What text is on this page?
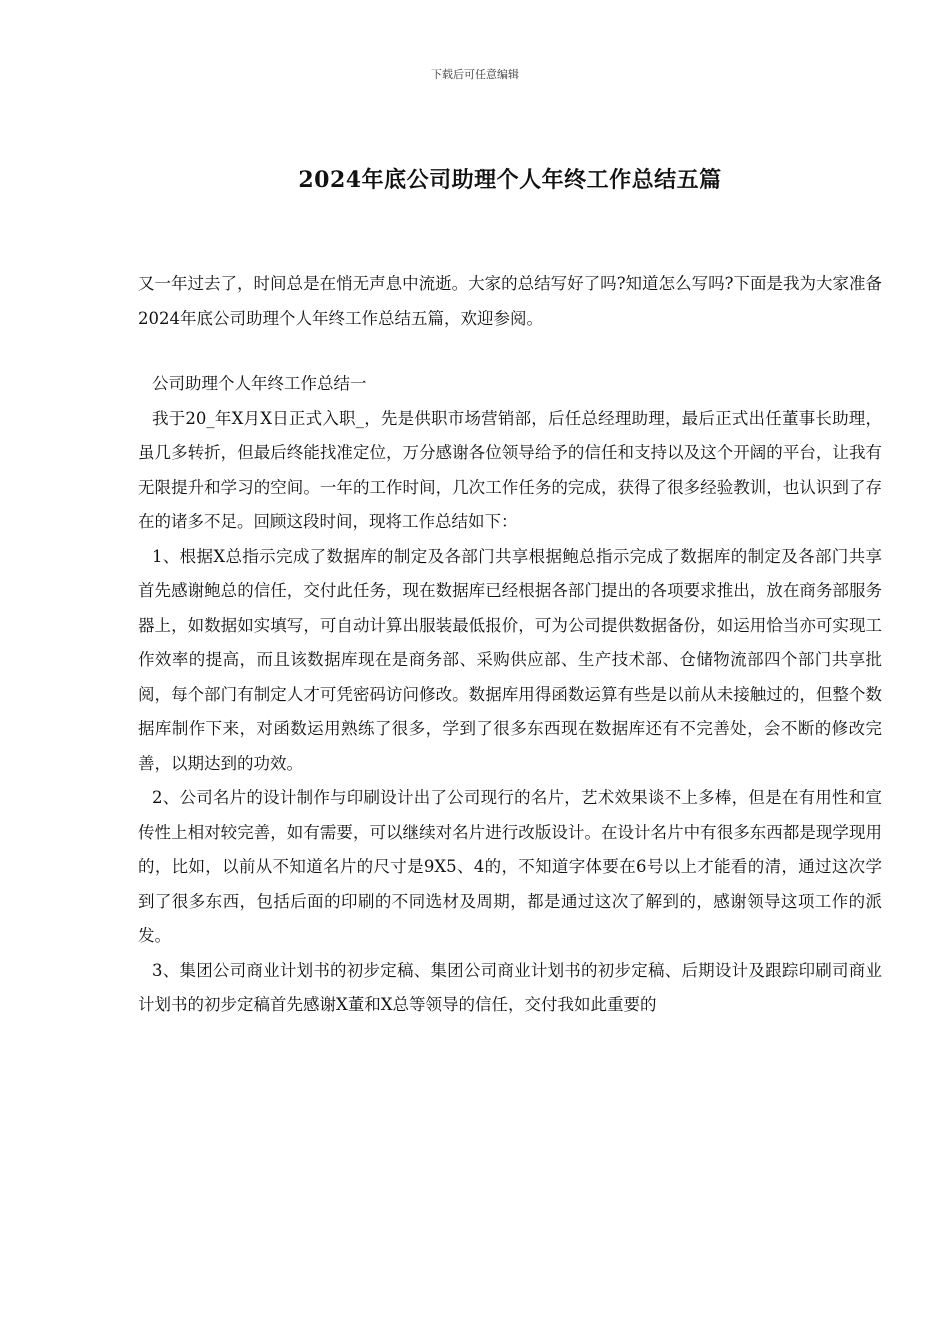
下载后可任意编辑
2024年底公司助理个人年终工作总结五篇

又一年过去了，时间总是在悄无声息中流逝。大家的总结写好了吗?知道怎么写吗?下面是我为大家准备2024年底公司助理个人年终工作总结五篇，欢迎参阅。

公司助理个人年终工作总结一

我于20_年X月X日正式入职_，先是供职市场营销部，后任总经理助理，最后正式出任董事长助理，虽几多转折，但最后终能找准定位，万分感谢各位领导给予的信任和支持以及这个开阔的平台，让我有无限提升和学习的空间。一年的工作时间，几次工作任务的完成，获得了很多经验教训，也认识到了存在的诸多不足。回顾这段时间，现将工作总结如下：

1、根据X总指示完成了数据库的制定及各部门共享根据鲍总指示完成了数据库的制定及各部门共享首先感谢鲍总的信任，交付此任务，现在数据库已经根据各部门提出的各项要求推出，放在商务部服务器上，如数据如实填写，可自动计算出服装最低报价，可为公司提供数据备份，如运用恰当亦可实现工作效率的提高，而且该数据库现在是商务部、采购供应部、生产技术部、仓储物流部四个部门共享批阅，每个部门有制定人才可凭密码访问修改。数据库用得函数运算有些是以前从未接触过的，但整个数据库制作下来，对函数运用熟练了很多，学到了很多东西现在数据库还有不完善处，会不断的修改完善，以期达到的功效。

2、公司名片的设计制作与印刷设计出了公司现行的名片，艺术效果谈不上多棒，但是在有用性和宣传性上相对较完善，如有需要，可以继续对名片进行改版设计。在设计名片中有很多东西都是现学现用的，比如，以前从不知道名片的尺寸是9X5、4的，不知道字体要在6号以上才能看的清，通过这次学到了很多东西，包括后面的印刷的不同选材及周期，都是通过这次了解到的，感谢领导这项工作的派发。

3、集团公司商业计划书的初步定稿、集团公司商业计划书的初步定稿、后期设计及跟踪印刷司商业计划书的初步定稿首先感谢X董和X总等领导的信任，交付我如此重要的
